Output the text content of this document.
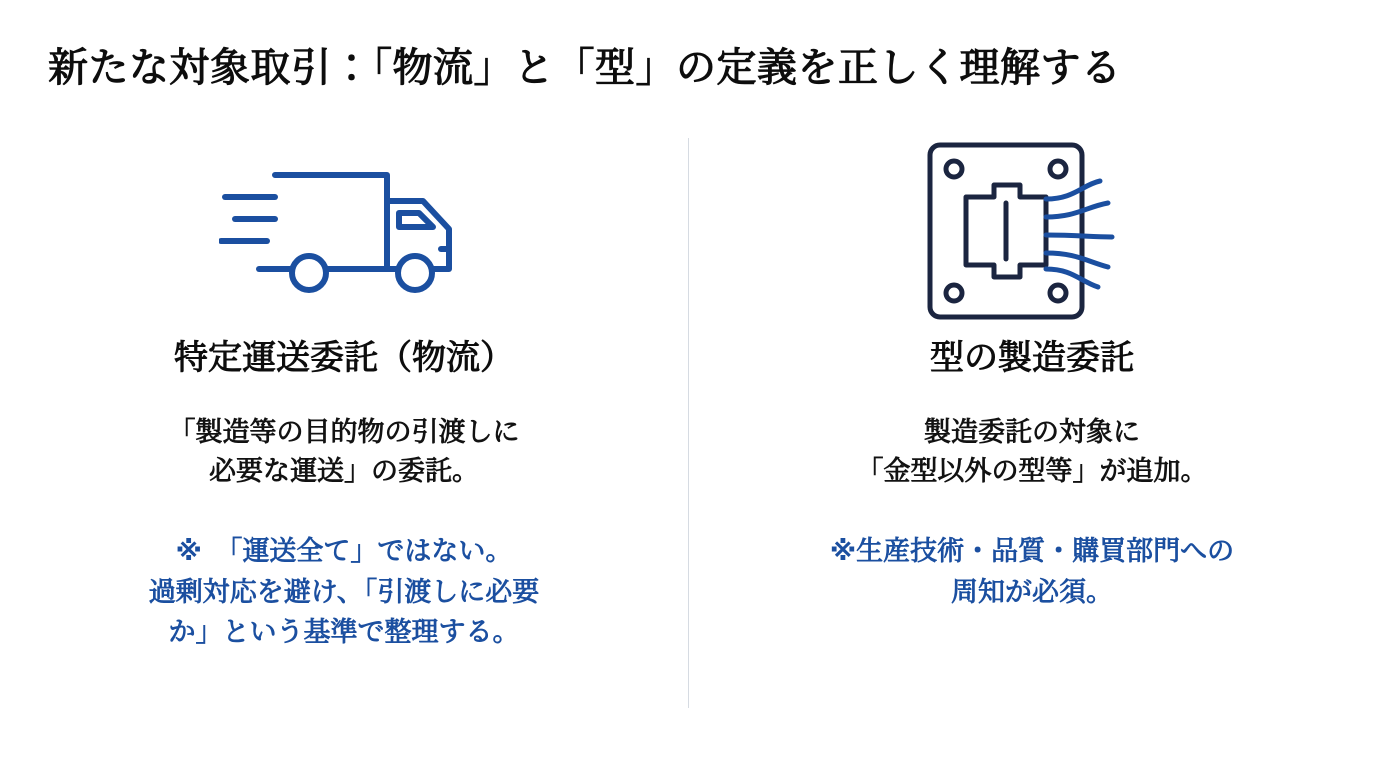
新たな対象取引：「物流」と「型」の定義を正しく理解する
特定運送委託（物流）
「製造等の目的物の引渡しに
必要な運送」の委託。
※　「運送全て」ではない。
過剰対応を避け、「引渡しに必要
か」という基準で整理する。
型の製造委託
製造委託の対象に
「金型以外の型等」が追加。
※生産技術・品質・購買部門への
周知が必須。
